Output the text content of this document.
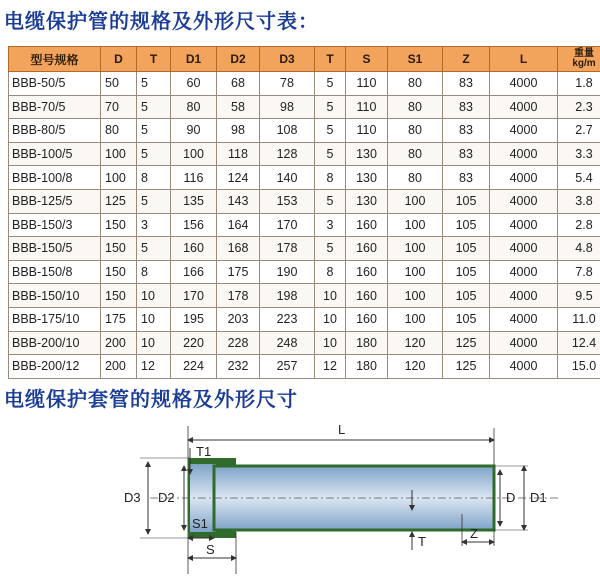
电缆保护管的规格及外形尺寸表：
型号规格	D	T	D1	D2	D3	T	S	S1	Z	L	重量
kg/m

BBB-50/5	50	5	60	68	78	5	110	80	83	4000	1.8
BBB-70/5	70	5	80	58	98	5	110	80	83	4000	2.3
BBB-80/5	80	5	90	98	108	5	110	80	83	4000	2.7
BBB-100/5	100	5	100	118	128	5	130	80	83	4000	3.3
BBB-100/8	100	8	116	124	140	8	130	80	83	4000	5.4
BBB-125/5	125	5	135	143	153	5	130	100	105	4000	3.8
BBB-150/3	150	3	156	164	170	3	160	100	105	4000	2.8
BBB-150/5	150	5	160	168	178	5	160	100	105	4000	4.8
BBB-150/8	150	8	166	175	190	8	160	100	105	4000	7.8
BBB-150/10	150	10	170	178	198	10	160	100	105	4000	9.5
BBB-175/10	175	10	195	203	223	10	160	100	105	4000	11.0
BBB-200/10	200	10	220	228	248	10	180	120	125	4000	12.4
BBB-200/12	200	12	224	232	257	12	180	120	125	4000	15.0
电缆保护套管的规格及外形尺寸
L
T1
D3 D2	D D1
T
S1
S
Z
